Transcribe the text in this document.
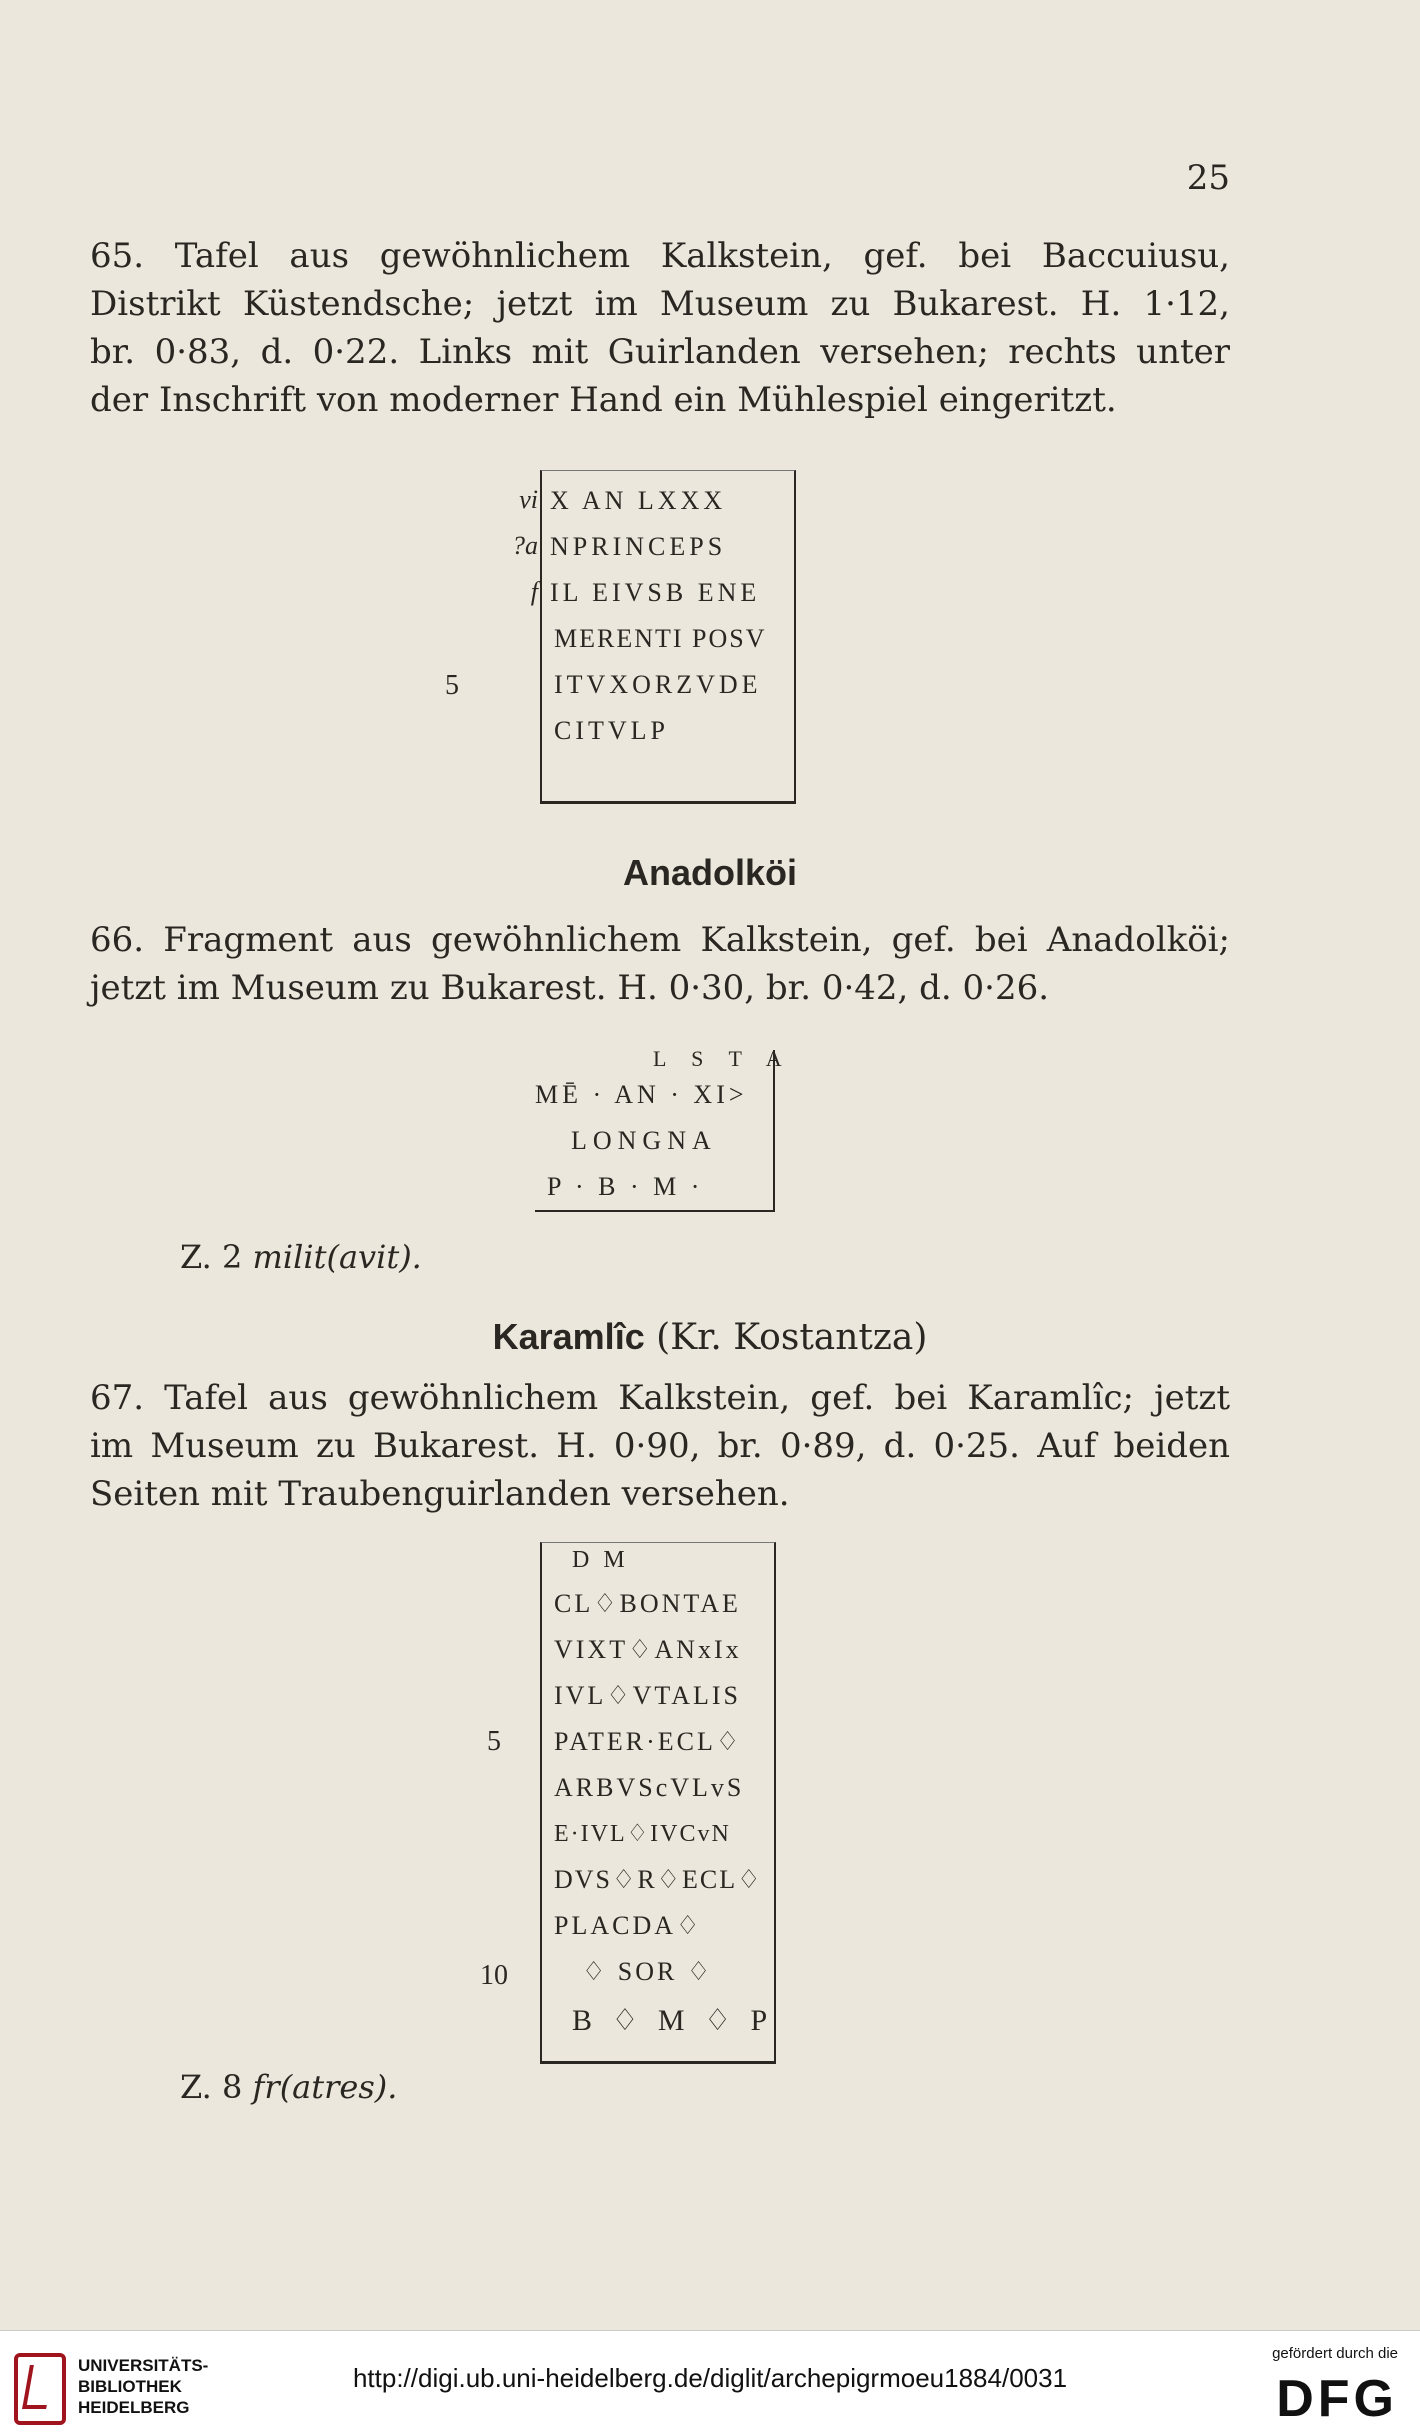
25
65. Tafel aus gewöhnlichem Kalkstein, gef. bei Baccuiusu,
Distrikt Küstendsche; jetzt im Museum zu Bukarest. H. 1·12,
br. 0·83, d. 0·22. Links mit Guirlanden versehen; rechts unter
der Inschrift von moderner Hand ein Mühlespiel eingeritzt.
vi
?a
f
5
X AN LXXX
NPRINCEPS
IL EIVSB ENE
MERENTI POSV
ITVXORZVDE
CITVLP
Anadolköi
66. Fragment aus gewöhnlichem Kalkstein, gef. bei Anadolköi;
jetzt im Museum zu Bukarest. H. 0·30, br. 0·42, d. 0·26.
L S T A
MĒ · AN · XI>
LONGNA
P · B · M ·
Z. 2 milit(avit).
Karamlîc (Kr. Kostantza)
67. Tafel aus gewöhnlichem Kalkstein, gef. bei Karamlîc; jetzt
im Museum zu Bukarest. H. 0·90, br. 0·89, d. 0·25. Auf beiden
Seiten mit Traubenguirlanden versehen.
5
10
D M
CL♢BONTAE
VIXT♢ANxIx
IVL♢VTALIS
PATER·ECL♢
ARBVScVLvS
E·IVL♢IVCvN
DVS♢R♢ECL♢
PLACDA♢
♢ SOR ♢
B ♢ M ♢ P
Z. 8 fr(atres).
UNIVERSITÄTS-
BIBLIOTHEK
HEIDELBERG
http://digi.ub.uni-heidelberg.de/diglit/archepigrmoeu1884/0031
gefördert durch die
DFG
